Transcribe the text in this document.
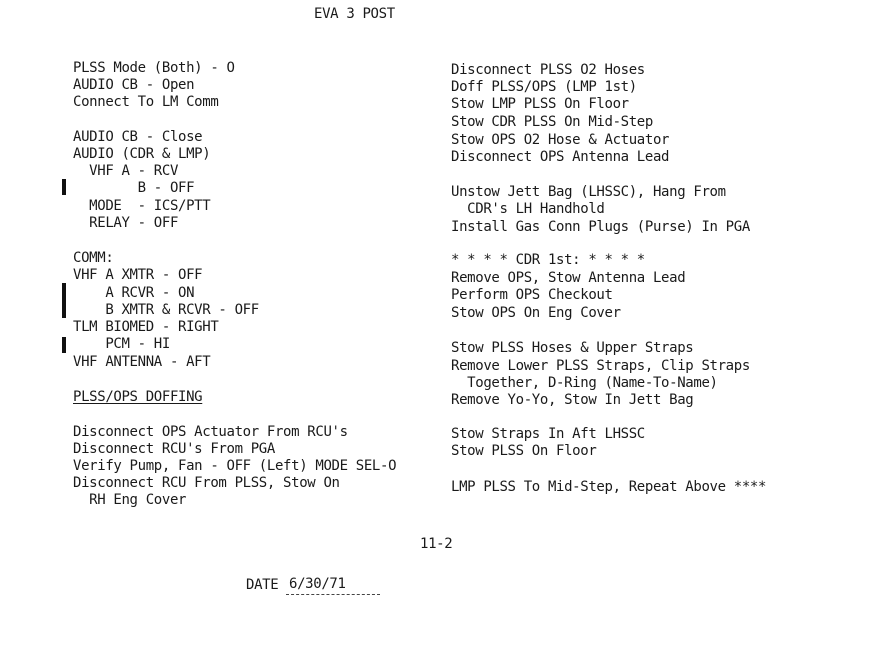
EVA 3 POST

PLSS Mode (Both) - O

AUDIO CB - Open

Connect To LM Comm

AUDIO CB - Close

AUDIO (CDR & LMP)

VHF A - RCV

B - OFF

MODE  - ICS/PTT

RELAY - OFF

COMM:

VHF A XMTR - OFF

A RCVR - ON

B XMTR & RCVR - OFF

TLM BIOMED - RIGHT

PCM - HI

VHF ANTENNA - AFT

PLSS/OPS DOFFING

Disconnect OPS Actuator From RCU's

Disconnect RCU's From PGA

Verify Pump, Fan - OFF (Left) MODE SEL-O

Disconnect RCU From PLSS, Stow On

RH Eng Cover

Disconnect PLSS O2 Hoses

Doff PLSS/OPS (LMP 1st)

Stow LMP PLSS On Floor

Stow CDR PLSS On Mid-Step

Stow OPS O2 Hose & Actuator

Disconnect OPS Antenna Lead

Unstow Jett Bag (LHSSC), Hang From

CDR's LH Handhold

Install Gas Conn Plugs (Purse) In PGA

* * * * CDR 1st: * * * *

Remove OPS, Stow Antenna Lead

Perform OPS Checkout

Stow OPS On Eng Cover

Stow PLSS Hoses & Upper Straps

Remove Lower PLSS Straps, Clip Straps

Together, D-Ring (Name-To-Name)

Remove Yo-Yo, Stow In Jett Bag

Stow Straps In Aft LHSSC

Stow PLSS On Floor

LMP PLSS To Mid-Step, Repeat Above ****

11-2
DATE 6/30/71
